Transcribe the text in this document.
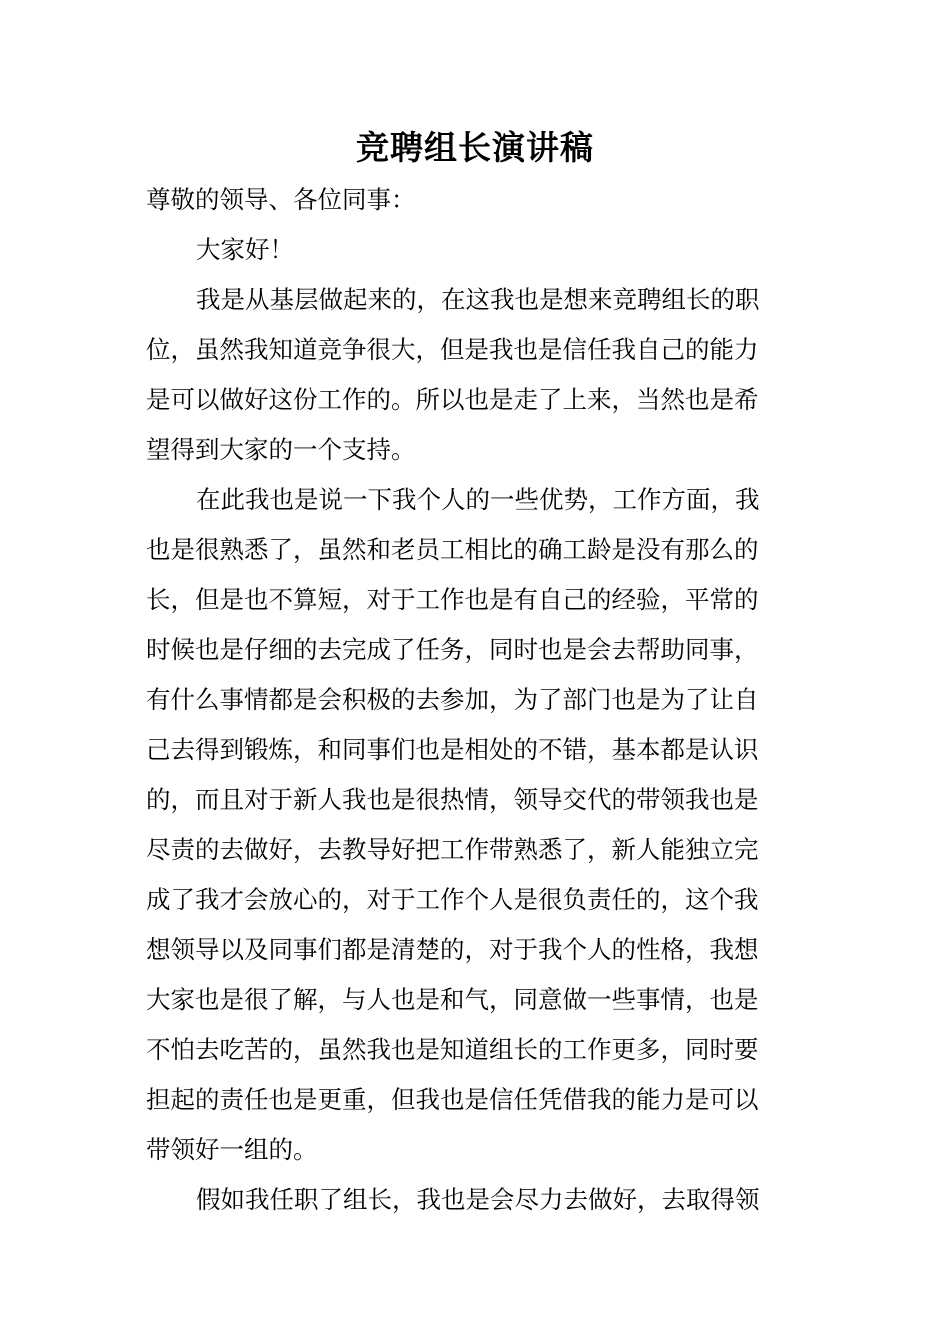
竞聘组长演讲稿
尊敬的领导、各位同事：
大家好！
我是从基层做起来的，在这我也是想来竞聘组长的职
位，虽然我知道竞争很大，但是我也是信任我自己的能力
是可以做好这份工作的。所以也是走了上来，当然也是希
望得到大家的一个支持。
在此我也是说一下我个人的一些优势，工作方面，我
也是很熟悉了，虽然和老员工相比的确工龄是没有那么的
长，但是也不算短，对于工作也是有自己的经验，平常的
时候也是仔细的去完成了任务，同时也是会去帮助同事，
有什么事情都是会积极的去参加，为了部门也是为了让自
己去得到锻炼，和同事们也是相处的不错，基本都是认识
的，而且对于新人我也是很热情，领导交代的带领我也是
尽责的去做好，去教导好把工作带熟悉了，新人能独立完
成了我才会放心的，对于工作个人是很负责任的，这个我
想领导以及同事们都是清楚的，对于我个人的性格，我想
大家也是很了解，与人也是和气，同意做一些事情，也是
不怕去吃苦的，虽然我也是知道组长的工作更多，同时要
担起的责任也是更重，但我也是信任凭借我的能力是可以
带领好一组的。
假如我任职了组长，我也是会尽力去做好，去取得领
